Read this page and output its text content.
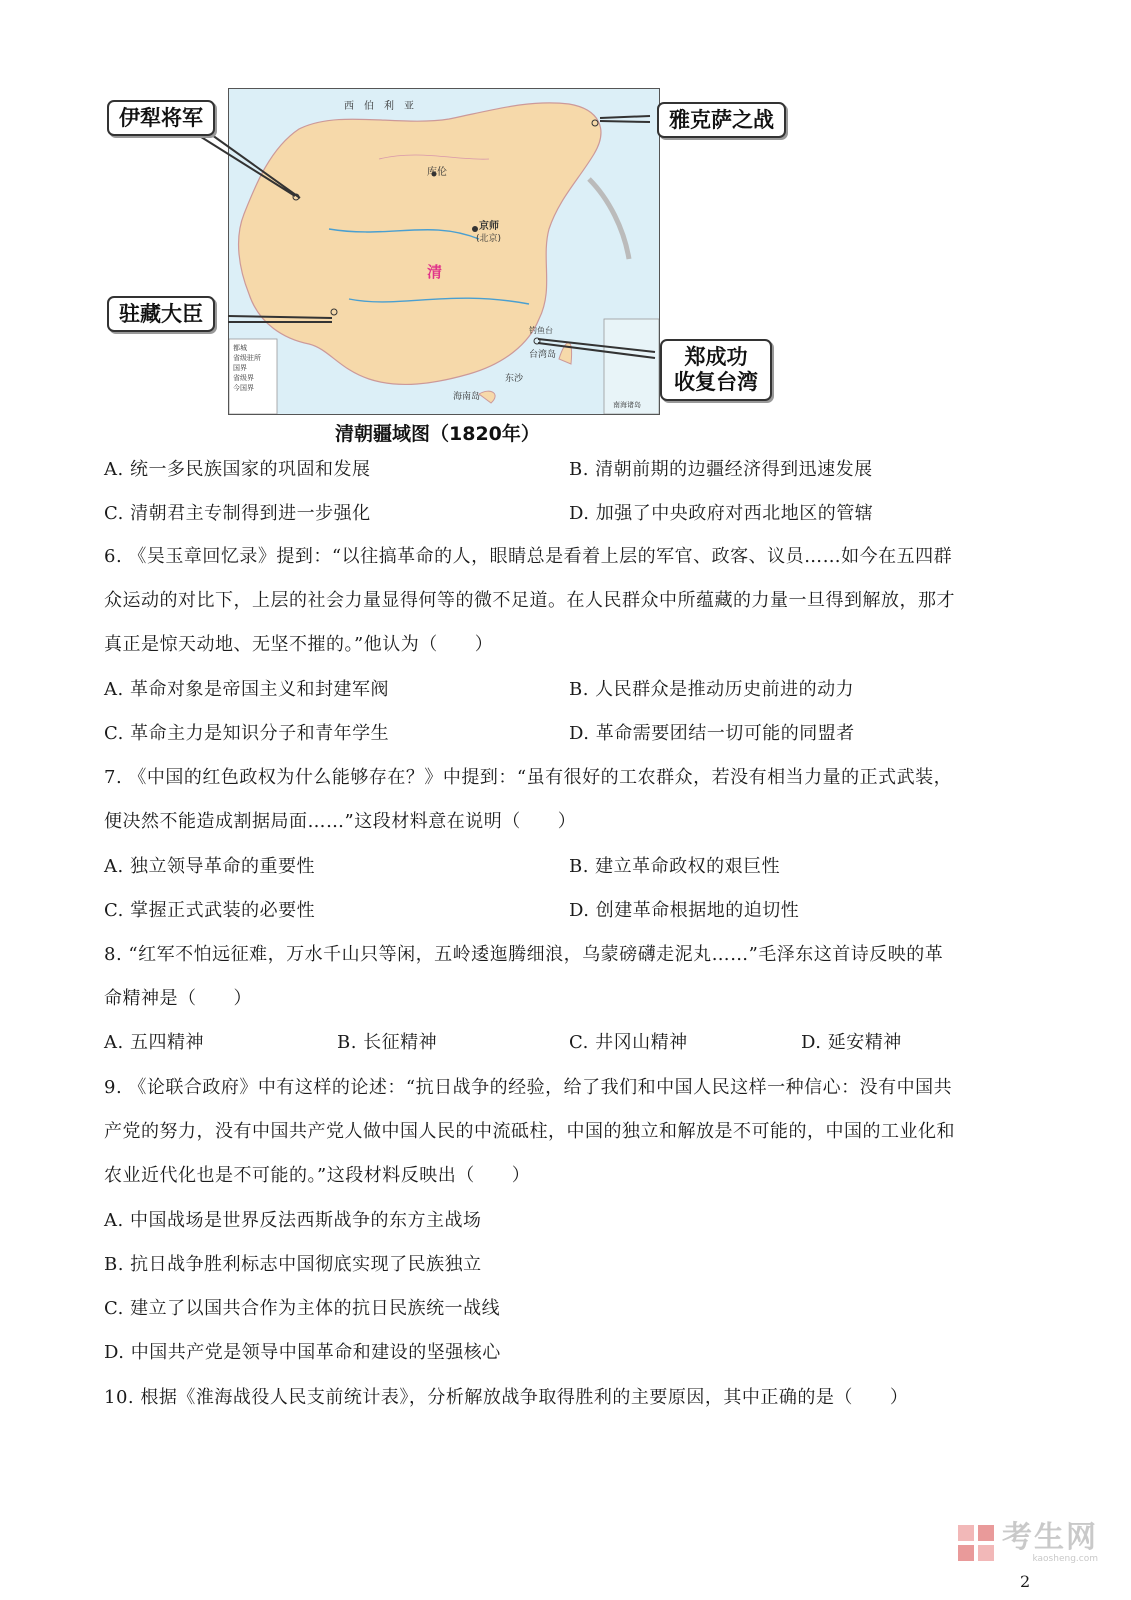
西　伯　利　亚
库伦
京师
(北京)
清
钓鱼台
台湾岛
东沙
海南岛
南海诸岛
都城
省级驻所
国界
省级界
今国界
伊犁将军	雅克萨之战
驻藏大臣
郑成功
收复台湾
清朝疆域图（1820年）
A. 统一多民族国家的巩固和发展	B. 清朝前期的边疆经济得到迅速发展
C. 清朝君主专制得到进一步强化	D. 加强了中央政府对西北地区的管辖
6. 《吴玉章回忆录》提到：“以往搞革命的人，眼睛总是看着上层的军官、政客、议员……如今在五四群
众运动的对比下，上层的社会力量显得何等的微不足道。在人民群众中所蕴藏的力量一旦得到解放，那才
真正是惊天动地、无坚不摧的。”他认为（　　）
A. 革命对象是帝国主义和封建军阀	B. 人民群众是推动历史前进的动力
C. 革命主力是知识分子和青年学生	D. 革命需要团结一切可能的同盟者
7. 《中国的红色政权为什么能够存在？》中提到：“虽有很好的工农群众，若没有相当力量的正式武装，
便决然不能造成割据局面……”这段材料意在说明（　　）
A. 独立领导革命的重要性	B. 建立革命政权的艰巨性
C. 掌握正式武装的必要性	D. 创建革命根据地的迫切性
8. “红军不怕远征难，万水千山只等闲，五岭逶迤腾细浪，乌蒙磅礴走泥丸……”毛泽东这首诗反映的革
命精神是（　　）
A. 五四精神	B. 长征精神	C. 井冈山精神	D. 延安精神
9. 《论联合政府》中有这样的论述：“抗日战争的经验，给了我们和中国人民这样一种信心：没有中国共
产党的努力，没有中国共产党人做中国人民的中流砥柱，中国的独立和解放是不可能的，中国的工业化和
农业近代化也是不可能的。”这段材料反映出（　　）
A. 中国战场是世界反法西斯战争的东方主战场
B. 抗日战争胜利标志中国彻底实现了民族独立
C. 建立了以国共合作为主体的抗日民族统一战线
D. 中国共产党是领导中国革命和建设的坚强核心
10. 根据《淮海战役人民支前统计表》，分析解放战争取得胜利的主要原因，其中正确的是（　　）
考生网
kaosheng.com
2
